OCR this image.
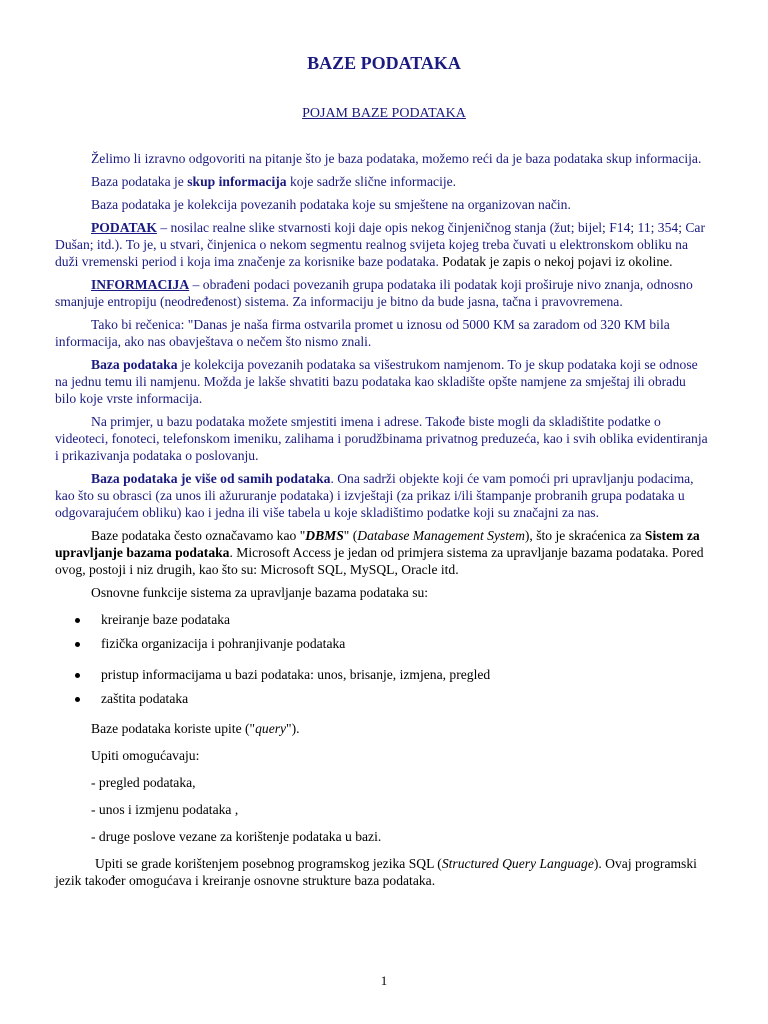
BAZE PODATAKA
POJAM BAZE PODATAKA

Želimo li izravno odgovoriti na pitanje što je baza podataka, možemo reći da je baza podataka skup informacija.

Baza podataka je skup informacija koje sadrže slične informacije.

Baza podataka je kolekcija povezanih podataka koje su smještene na organizovan način.

PODATAK – nosilac realne slike stvarnosti koji daje opis nekog činjeničnog stanja (žut; bijel; F14; 11; 354; Car Dušan; itd.). To je, u stvari, činjenica o nekom segmentu realnog svijeta kojeg treba čuvati u elektronskom obliku na duži vremenski period i koja ima značenje za korisnike baze podataka. Podatak je zapis o nekoj pojavi iz okoline.

INFORMACIJA – obrađeni podaci povezanih grupa podataka ili podatak koji proširuje nivo znanja, odnosno smanjuje entropiju (neodređenost) sistema. Za informaciju je bitno da bude jasna, tačna i pravovremena.

Tako bi rečenica: "Danas je naša firma ostvarila promet u iznosu od 5000 KM sa zaradom od 320 KM bila informacija, ako nas obavještava o nečem što nismo znali.

Baza podataka je kolekcija povezanih podataka sa višestrukom namjenom. To je skup podataka koji se odnose na jednu temu ili namjenu. Možda je lakše shvatiti bazu podataka kao skladište opšte namjene za smještaj ili obradu bilo koje vrste informacija.

Na primjer, u bazu podataka možete smjestiti imena i adrese. Takođe biste mogli da skladištite podatke o videoteci, fonoteci, telefonskom imeniku, zalihama i porudžbinama privatnog preduzeća, kao i svih oblika evidentiranja i prikazivanja podataka o poslovanju.

Baza podataka je više od samih podataka. Ona sadrži objekte koji će vam pomoći pri upravljanju podacima, kao što su obrasci (za unos ili ažururanje podataka) i izvještaji (za prikaz i/ili štampanje probranih grupa podataka u odgovarajućem obliku) kao i jedna ili više tabela u koje skladištimo podatke koji su značajni za nas.

Baze podataka često označavamo kao "DBMS" (Database Management System), što je skraćenica za Sistem za upravljanje bazama podataka. Microsoft Access je jedan od primjera sistema za upravljanje bazama podataka. Pored ovog, postoji i niz drugih, kao što su: Microsoft SQL, MySQL, Oracle itd.

Osnovne funkcije sistema za upravljanje bazama podataka su:

kreiranje baze podataka
fizička organizacija i pohranjivanje podataka
pristup informacijama u bazi podataka: unos, brisanje, izmjena, pregled
zaštita podataka

Baze podataka koriste upite ("query").

Upiti omogućavaju:

- pregled podataka,

- unos i izmjenu podataka ,

- druge poslove vezane za korištenje podataka u bazi.

Upiti se grade korištenjem posebnog programskog jezika SQL (Structured Query Language). Ovaj programski jezik također omogućava i kreiranje osnovne strukture baza podataka.

1
